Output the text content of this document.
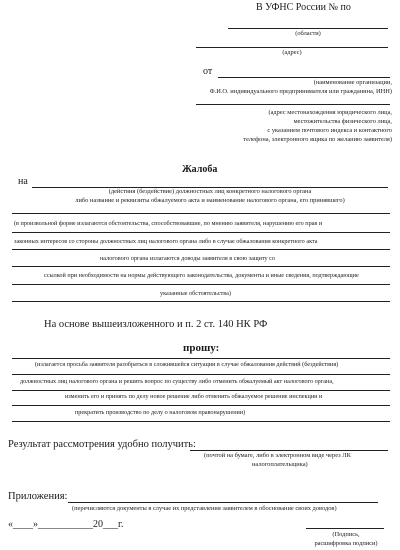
В УФНС России № по
(области)
(адрес)
от
(наименование организации,
Ф.И.О. индивидуального предпринимателя или гражданина, ИНН)
(адрес местонахождения юридического лица,
местожительства физического лица,
с указанием почтового индекса и контактного
телефона, электронного ящика по желанию заявителя)
Жалоба
на
(действия (бездействие) должностных лиц конкретного налогового органа
либо название и реквизиты обжалуемого акта и наименование налогового органа, его принявшего)
(в произвольной форме излагаются обстоятельства, способствовавшие, по мнению заявителя, нарушению его прав и
законных интересов со стороны должностных лиц налогового органа либо в случае обжалования конкретного акта
налогового органа излагаются доводы заявителя в свою защиту со
ссылкой при необходимости на нормы действующего законодательства, документы и иные сведения, подтверждающие
указанные обстоятельства)
На основе вышеизложенного и п. 2 ст. 140 НК РФ
прошу:
(излагается просьба заявителя разобраться в сложившейся ситуации в случае обжалования действий (бездействия)
должностных лиц налогового органа и решить вопрос по существу либо отменить обжалуемый акт налогового органа,
изменить его и принять по делу новое решение либо отменить обжалуемое решение инспекции и
прекратить производство по делу о налоговом правонарушении)
Результат рассмотрения удобно получить:
(почтой на бумаге, либо в электронном виде через ЛК
налогоплательщика)
Приложения:
(перечисляются документы в случае их представления заявителем в обоснование своих доводов)
«____»___________20___г.
(Подпись,
расшифровка подписи)
